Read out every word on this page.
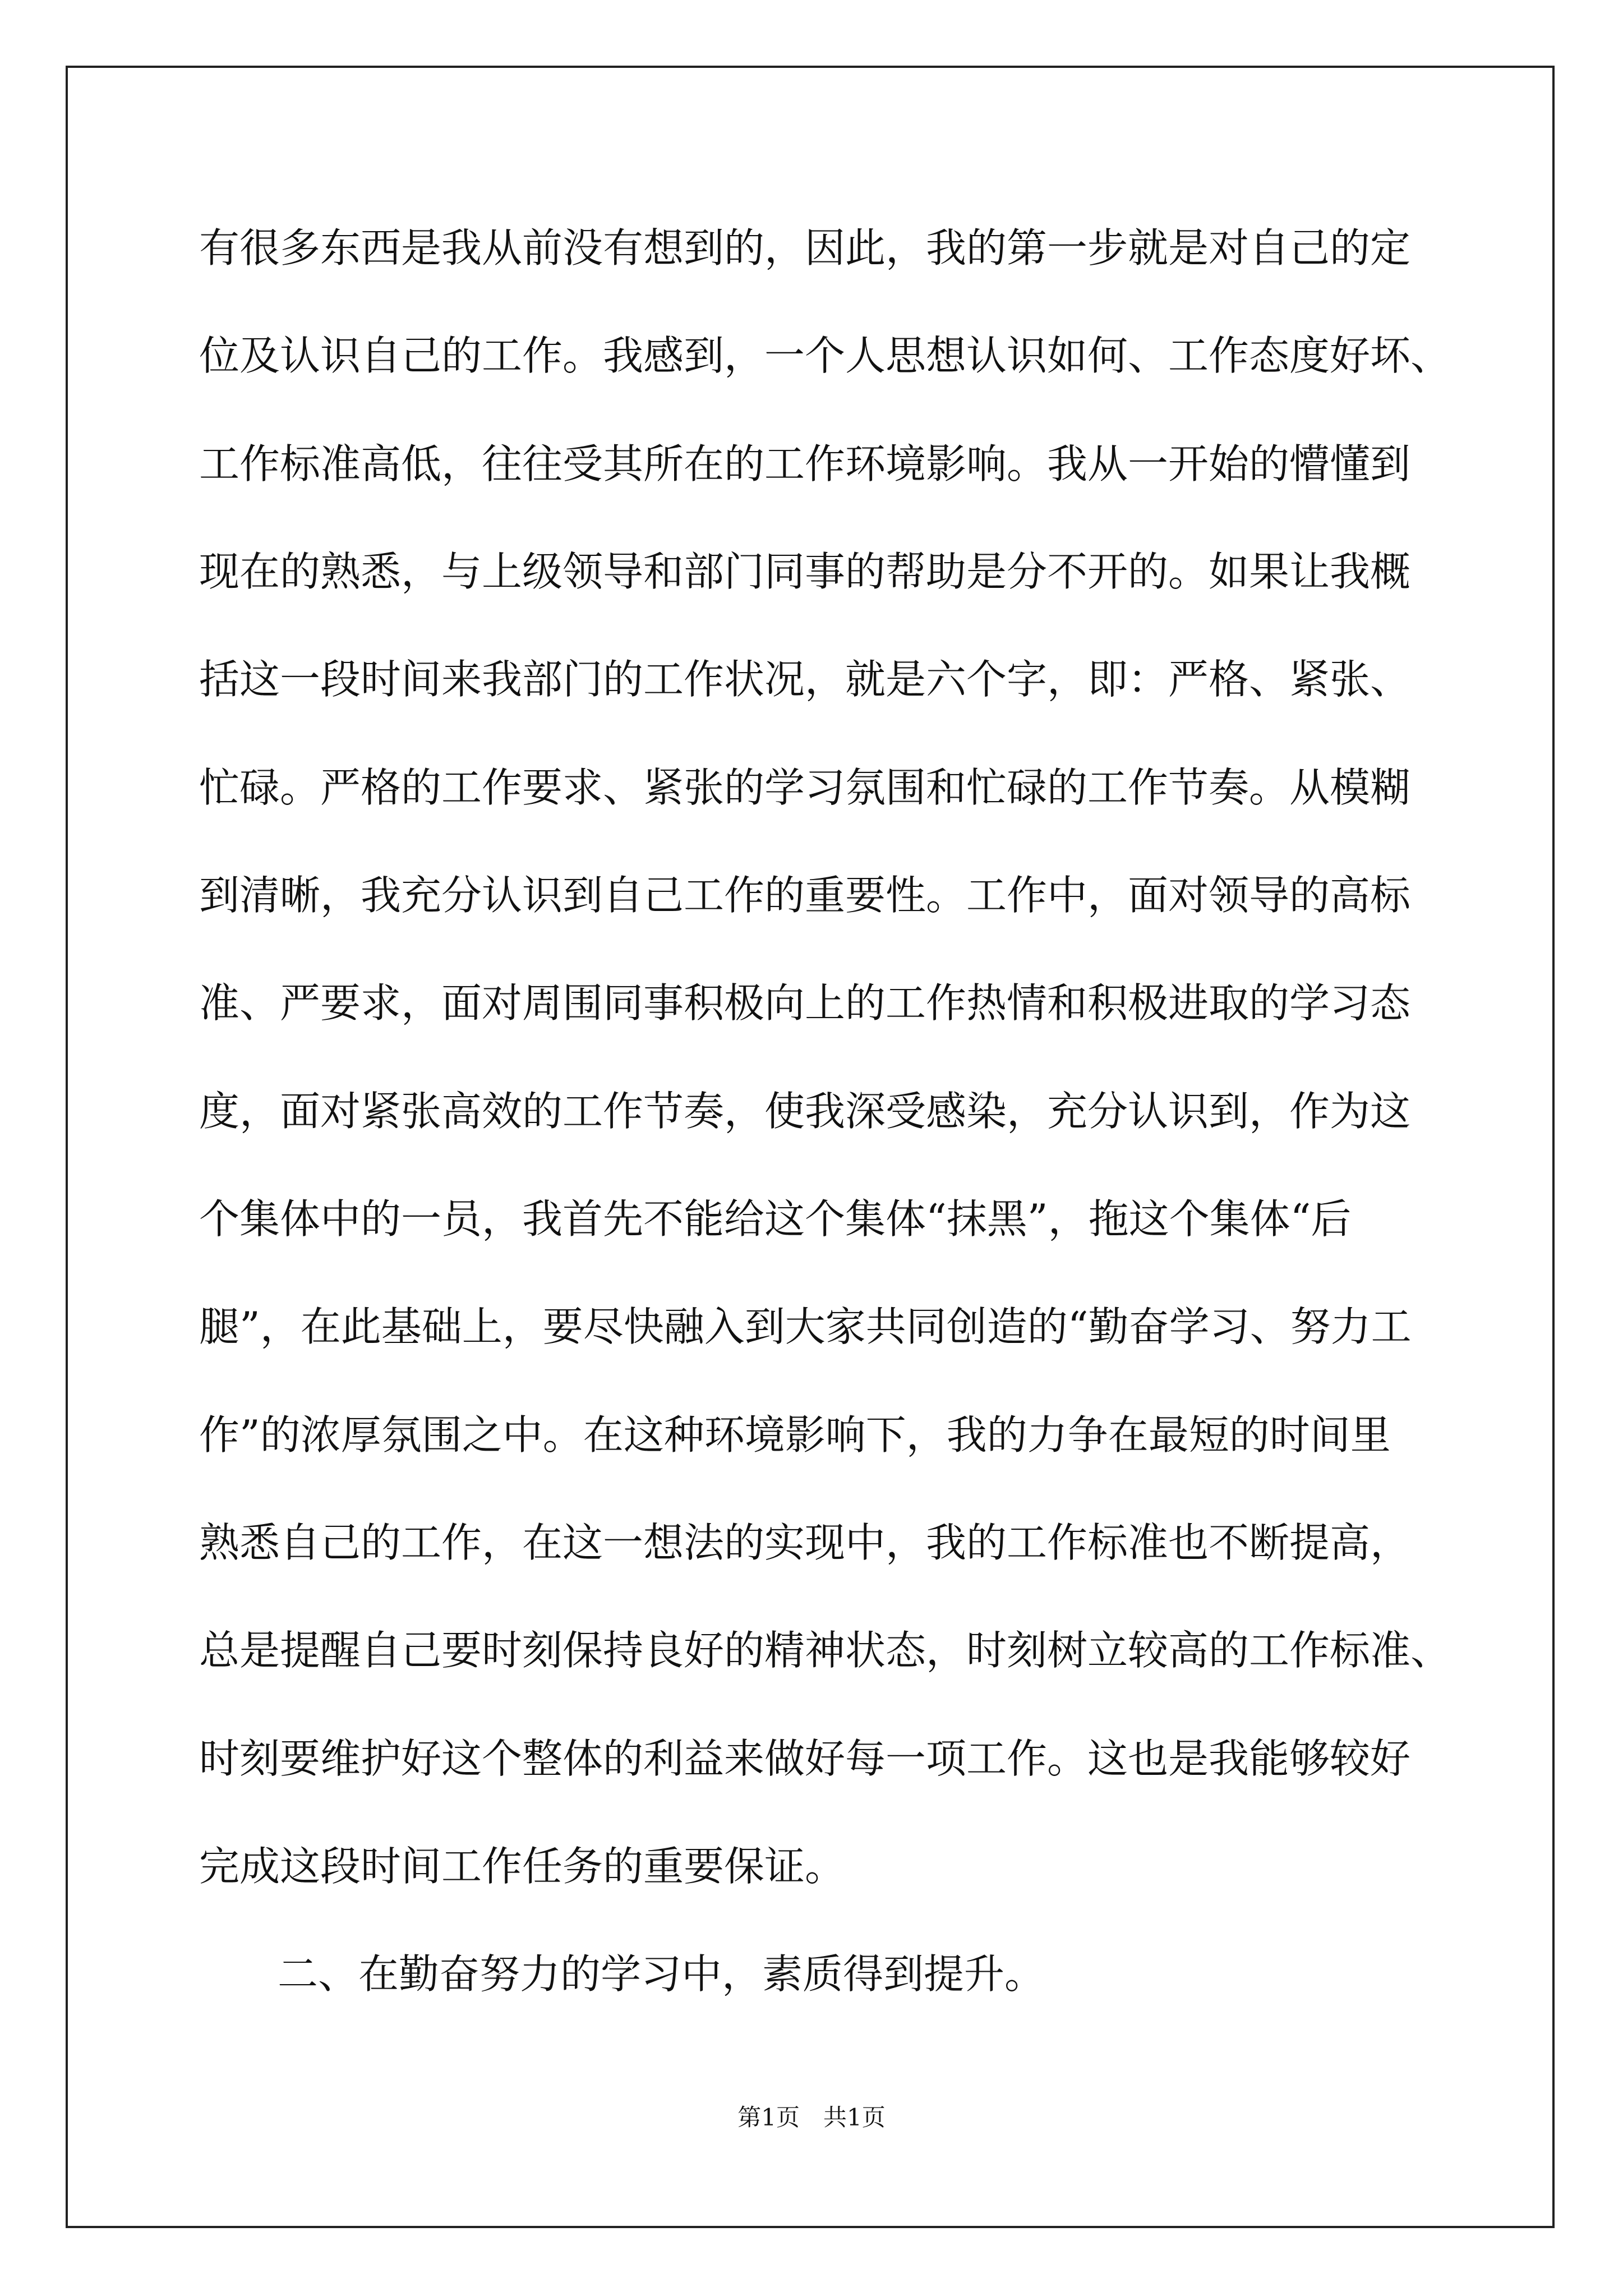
有很多东西是我从前没有想到的，因此，我的第一步就是对自己的定
位及认识自己的工作。我感到，一个人思想认识如何、工作态度好坏、
工作标准高低，往往受其所在的工作环境影响。我从一开始的懵懂到
现在的熟悉，与上级领导和部门同事的帮助是分不开的。如果让我概
括这一段时间来我部门的工作状况，就是六个字，即：严格、紧张、
忙碌。严格的工作要求、紧张的学习氛围和忙碌的工作节奏。从模糊
到清晰，我充分认识到自己工作的重要性。工作中，面对领导的高标
准、严要求，面对周围同事积极向上的工作热情和积极进取的学习态
度，面对紧张高效的工作节奏，使我深受感染，充分认识到，作为这
个集体中的一员，我首先不能给这个集体“抹黑”，拖这个集体“后
腿”，在此基础上，要尽快融入到大家共同创造的“勤奋学习、努力工
作”的浓厚氛围之中。在这种环境影响下，我的力争在最短的时间里
熟悉自己的工作，在这一想法的实现中，我的工作标准也不断提高，
总是提醒自己要时刻保持良好的精神状态，时刻树立较高的工作标准、
时刻要维护好这个整体的利益来做好每一项工作。这也是我能够较好
完成这段时间工作任务的重要保证。
二、在勤奋努力的学习中，素质得到提升。
第1页　共1页
